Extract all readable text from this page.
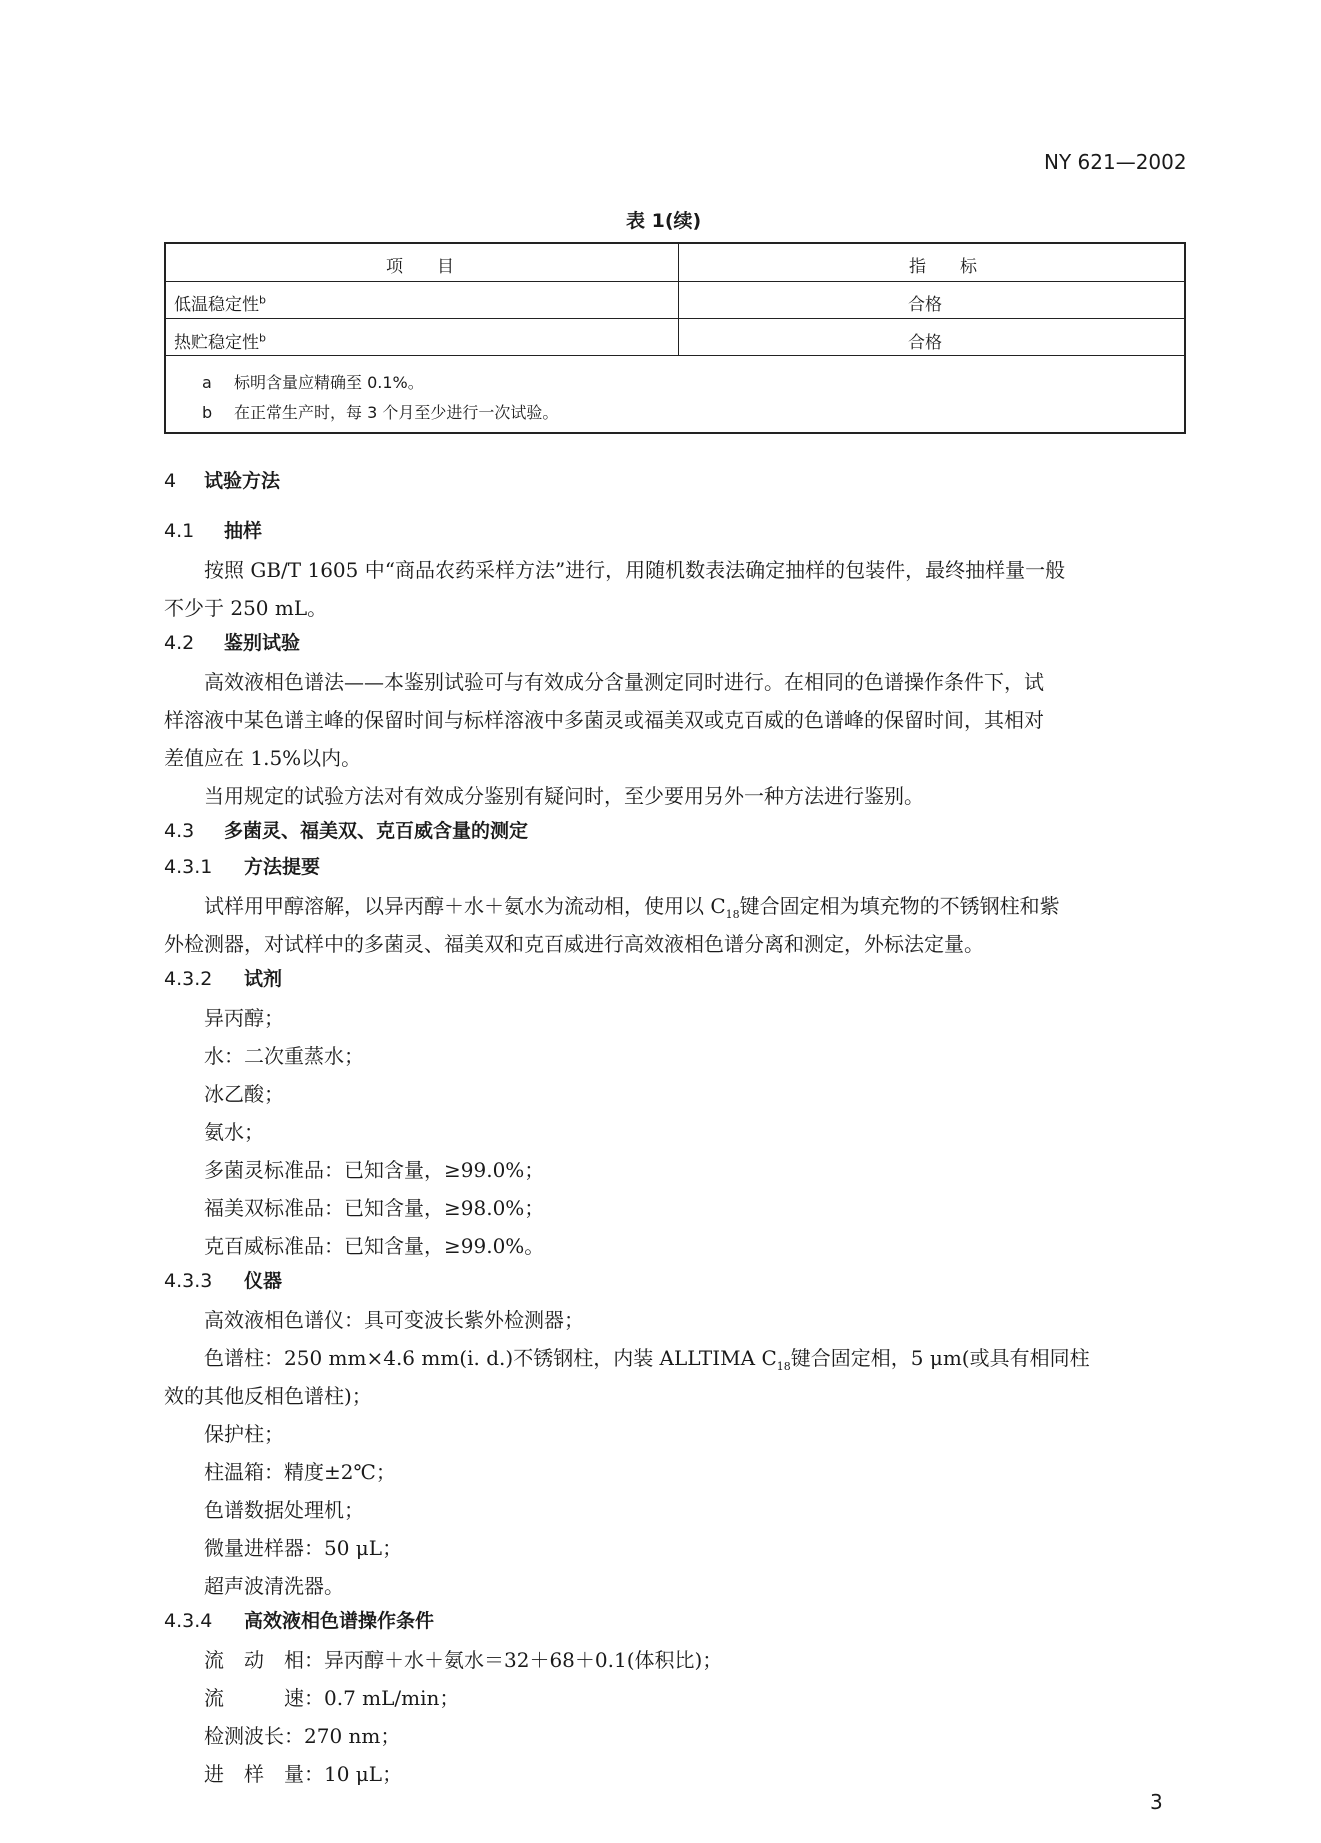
NY 621—2002
表 1(续)
项　　目	指　　标
低温稳定性$^b$	合格
热贮稳定性$^b$	合格
a 标明含量应精确至 0.1%。
b 在正常生产时，每 3 个月至少进行一次试验。
4 试验方法
4.1 抽样
按照 GB/T 1605 中“商品农药采样方法”进行，用随机数表法确定抽样的包装件，最终抽样量一般
不少于 250 mL。
4.2 鉴别试验
高效液相色谱法——本鉴别试验可与有效成分含量测定同时进行。在相同的色谱操作条件下，试
样溶液中某色谱主峰的保留时间与标样溶液中多菌灵或福美双或克百威的色谱峰的保留时间，其相对
差值应在 1.5%以内。
当用规定的试验方法对有效成分鉴别有疑问时，至少要用另外一种方法进行鉴别。
4.3 多菌灵、福美双、克百威含量的测定
4.3.1 方法提要
试样用甲醇溶解，以异丙醇＋水＋氨水为流动相，使用以 $C_{18}$键合固定相为填充物的不锈钢柱和紫
外检测器，对试样中的多菌灵、福美双和克百威进行高效液相色谱分离和测定，外标法定量。
4.3.2 试剂
异丙醇；
水：二次重蒸水；
冰乙酸；
氨水；
多菌灵标准品：已知含量，≥99.0%；
福美双标准品：已知含量，≥98.0%；
克百威标准品：已知含量，≥99.0%。
4.3.3 仪器
高效液相色谱仪：具可变波长紫外检测器；
色谱柱：250 mm×4.6 mm(i. d.)不锈钢柱，内装 ALLTIMA $C_{18}$键合固定相，5 μm(或具有相同柱
效的其他反相色谱柱)；
保护柱；
柱温箱：精度±2℃；
色谱数据处理机；
微量进样器：50 μL；
超声波清洗器。
4.3.4 高效液相色谱操作条件
流　动　相：异丙醇＋水＋氨水＝32＋68＋0.1(体积比)；
流　　　速：0.7 mL/min；
检测波长：270 nm；
进　样　量：10 μL；
3
